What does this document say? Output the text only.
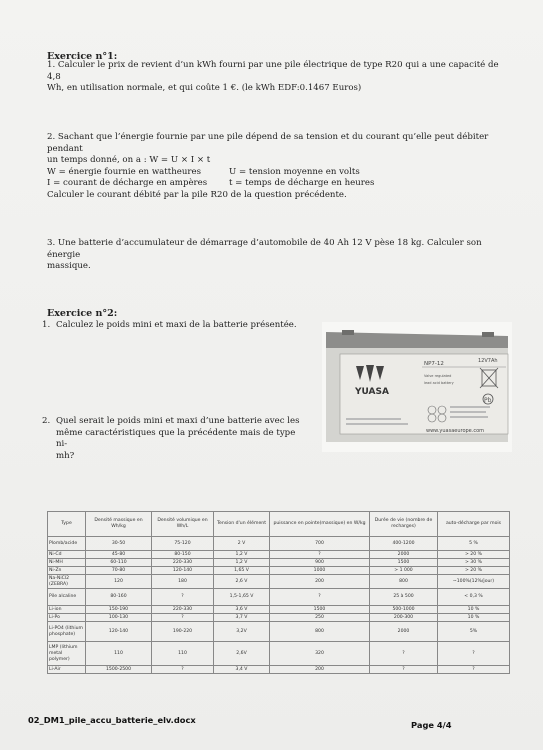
Exercice n°1:

1. Calculer le prix de revient d’un kWh fourni par une pile électrique de type R20 qui a une capacité de 4,8

Wh, en utilisation normale, et qui coûte 1 €. (le kWh EDF:0.1467 Euros)

2. Sachant que l’énergie fournie par une pile dépend de sa tension et du courant qu’elle peut débiter pendant

un temps donné, on a : W = U × I × t

W = énergie fournie en wattheures	U = tension moyenne en volts
I = courant de décharge en ampères	t = temps de décharge en heures

Calculer le courant débité par la pile R20 de la question précédente.

3. Une batterie d’accumulateur de démarrage d’automobile de 40 Ah 12 V pèse 18 kg. Calculer son énergie

massique.

Exercice n°2:
1. Calculez le poids mini et maxi de la batterie présentée.
2. Quel serait le poids mini et maxi d’une batterie avec les
même caractéristiques que la précédente mais de type ni-
mh?
YUASA
NP7-12	12V7Ah
Valve regulated
lead acid battery
Pb
www.yuasaeurope.com
Type	Densité massique en Wh/kg	Densité volumique en Wh/L	Tension d'un élément	puissance en pointe(massique) en W/kg	Durée de vie (nombre de recharges)	auto-décharge par mois
Plomb/acide	30-50	75-120	2 V	700	400-1200	5 %
Ni-Cd	45-80	80-150	1,2 V	?	2000	> 20 %
Ni-MH	60-110	220-330	1,2 V	900	1500	> 30 %
Ni-Zn	70-80	120-140	1,65 V	1000	> 1 000	> 20 %
Na-NiCl2 (ZEBRA)	120	180	2,6 V	200	800	~100%(12%/jour)
Pile alcaline	80-160	?	1,5-1,65 V	?	25 à 500	< 0,3 %
Li-ion	150-190	220-330	3,6 V	1500	500-1000	10 %
Li-Po	100-130	?	3,7 V	250	200-300	10 %
Li-PO4 (lithium phosphate)	120-140	190-220	3,2V	800	2000	5%
LMP (lithium metal polymer)	110	110	2,6V	320	?	?
Li-Air	1500-2500	?	3,4 V	200	?	?
02_DM1_pile_accu_batterie_elv.docx	Page 4/4
